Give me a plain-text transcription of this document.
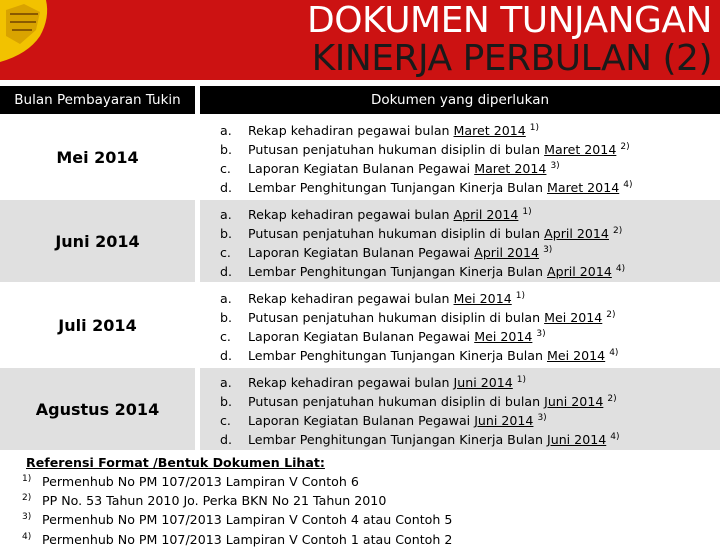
DOKUMEN TUNJANGAN
KINERJA PERBULAN (2)
Bulan Pembayaran Tukin	Dokumen yang diperlukan
Mei 2014
a. Rekap kehadiran pegawai bulan Maret 2014 $^{1)}$
b. Putusan penjatuhan hukuman disiplin di bulan Maret 2014 $^{2)}$
c. Laporan Kegiatan Bulanan Pegawai Maret 2014 $^{3)}$
d. Lembar Penghitungan Tunjangan Kinerja Bulan Maret 2014 $^{4)}$
Juni 2014
a. Rekap kehadiran pegawai bulan April 2014 $^{1)}$
b. Putusan penjatuhan hukuman disiplin di bulan April 2014 $^{2)}$
c. Laporan Kegiatan Bulanan Pegawai April 2014 $^{3)}$
d. Lembar Penghitungan Tunjangan Kinerja Bulan April 2014 $^{4)}$
Juli 2014
a. Rekap kehadiran pegawai bulan Mei 2014 $^{1)}$
b. Putusan penjatuhan hukuman disiplin di bulan Mei 2014 $^{2)}$
c. Laporan Kegiatan Bulanan Pegawai Mei 2014 $^{3)}$
d. Lembar Penghitungan Tunjangan Kinerja Bulan Mei 2014 $^{4)}$
Agustus 2014
a. Rekap kehadiran pegawai bulan Juni 2014 $^{1)}$
b. Putusan penjatuhan hukuman disiplin di bulan Juni 2014 $^{2)}$
c. Laporan Kegiatan Bulanan Pegawai Juni 2014 $^{3)}$
d. Lembar Penghitungan Tunjangan Kinerja Bulan Juni 2014 $^{4)}$
Referensi Format /Bentuk Dokumen Lihat:
$^{1)}$ Permenhub No PM 107/2013 Lampiran V Contoh 6
$^{2)}$ PP No. 53 Tahun 2010 Jo. Perka BKN No 21 Tahun 2010
$^{3)}$ Permenhub No PM 107/2013 Lampiran V Contoh 4 atau Contoh 5
$^{4)}$ Permenhub No PM 107/2013 Lampiran V Contoh 1 atau Contoh 2
